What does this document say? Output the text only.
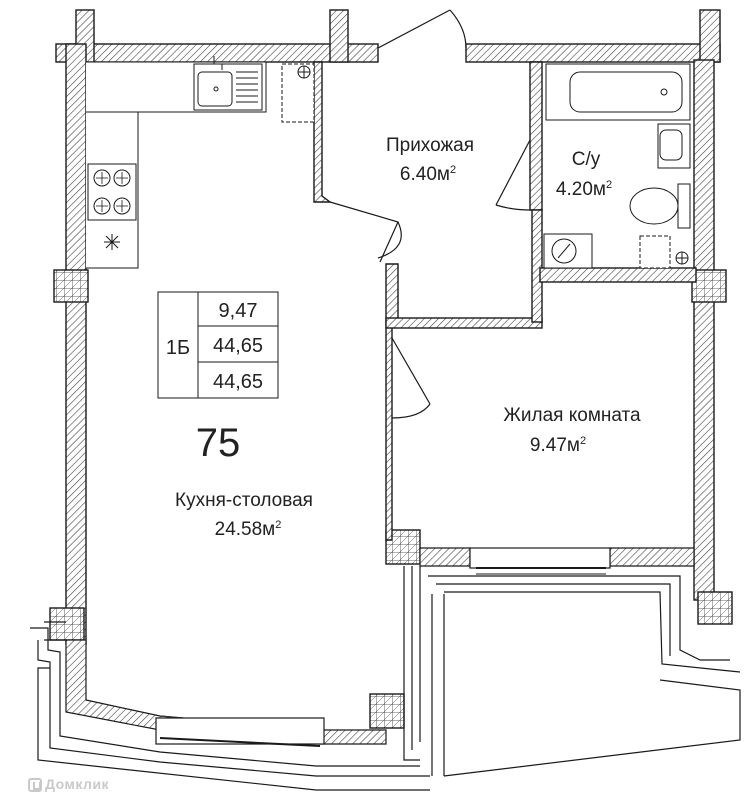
Прихожая
$6.40м^2$	С/у
$4.20м^2$
Жилая комната
$9.47м^2$
Кухня-столовая
$24.58м^2$
75
1Б
9,47
44,65
44,65
Домклик
